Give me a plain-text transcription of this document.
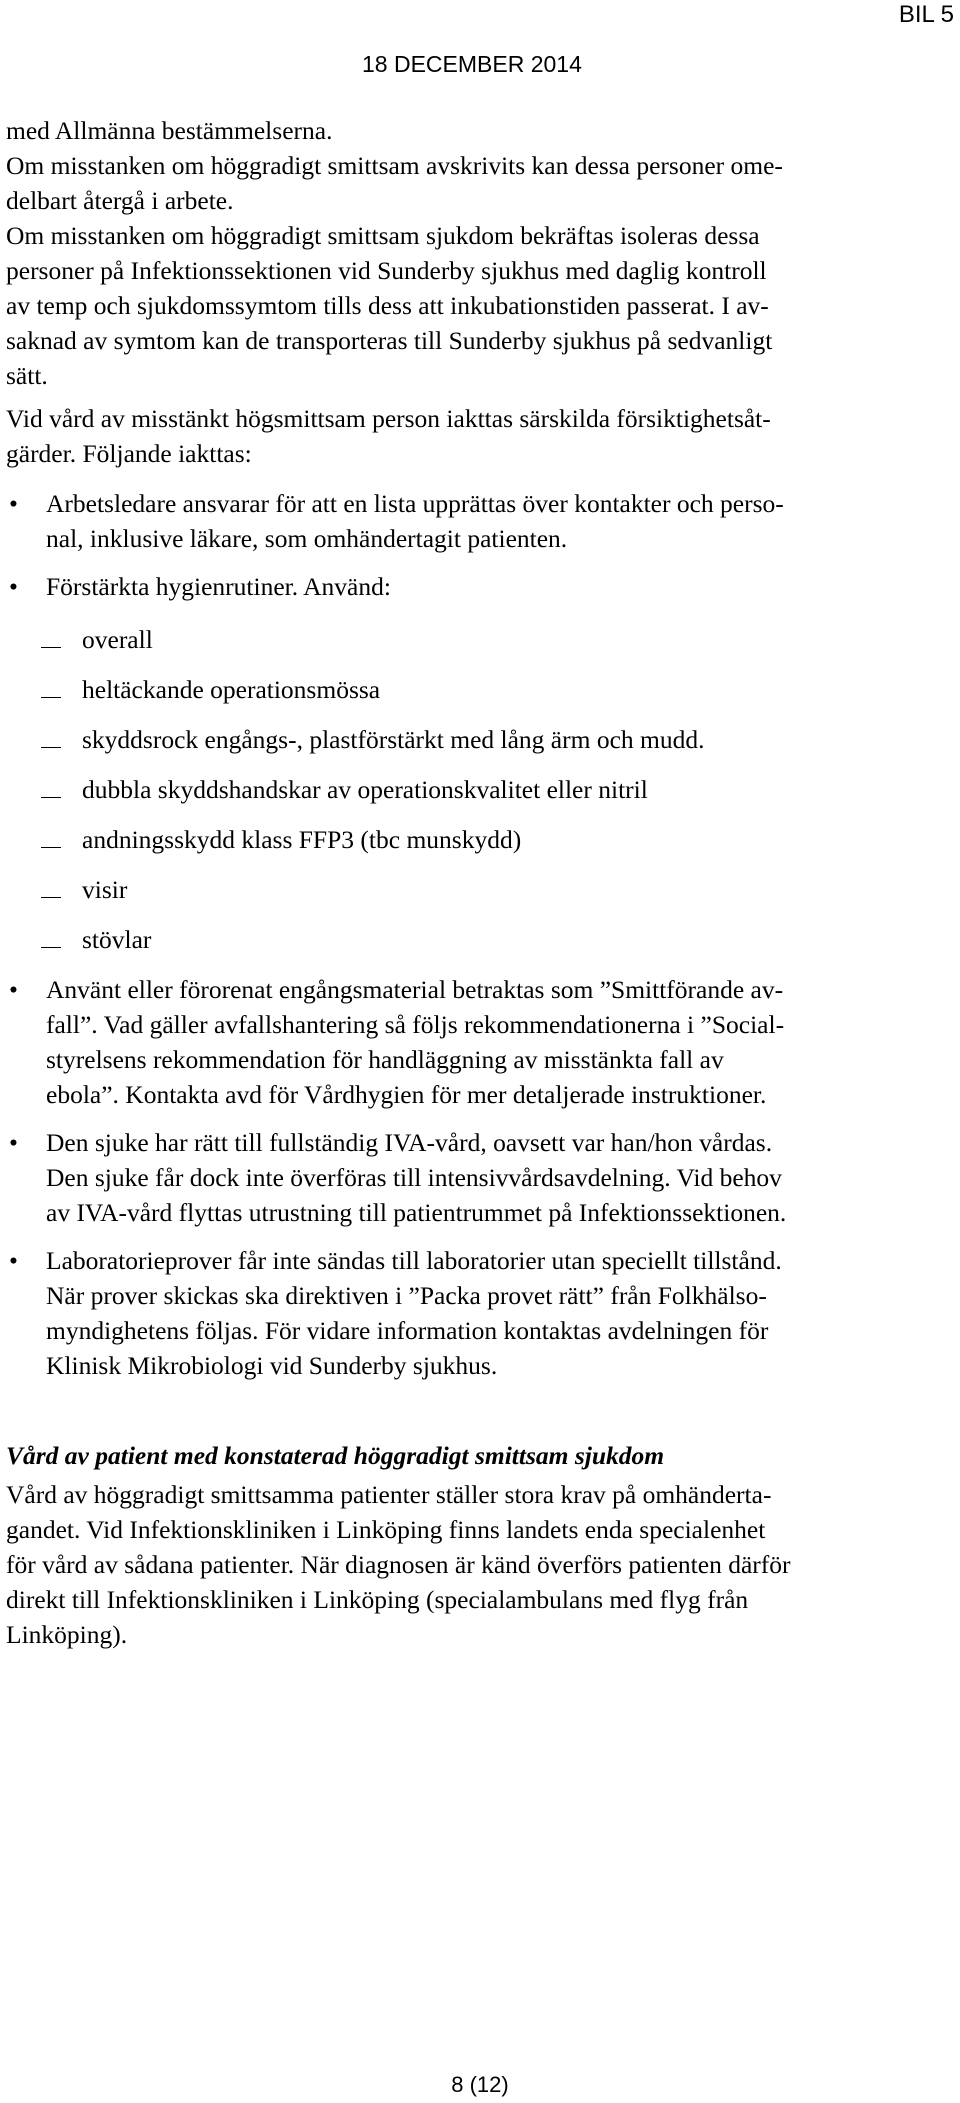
BIL 5
18 DECEMBER 2014
med Allmänna bestämmelserna.
Om misstanken om höggradigt smittsam avskrivits kan dessa personer ome-
delbart återgå i arbete.
Om misstanken om höggradigt smittsam sjukdom bekräftas isoleras dessa
personer på Infektionssektionen vid Sunderby sjukhus med daglig kontroll
av temp och sjukdomssymtom tills dess att inkubationstiden passerat. I av-
saknad av symtom kan de transporteras till Sunderby sjukhus på sedvanligt
sätt.
Vid vård av misstänkt högsmittsam person iakttas särskilda försiktighetsåt-
gärder. Följande iakttas:
• Arbetsledare ansvarar för att en lista upprättas över kontakter och perso-
nal, inklusive läkare, som omhändertagit patienten.
• Förstärkta hygienrutiner. Använd:
overall
heltäckande operationsmössa
skyddsrock engångs-, plastförstärkt med lång ärm och mudd.
dubbla skyddshandskar av operationskvalitet eller nitril
andningsskydd klass FFP3 (tbc munskydd)
visir
stövlar
• Använt eller förorenat engångsmaterial betraktas som ”Smittförande av-
fall”. Vad gäller avfallshantering så följs rekommendationerna i ”Social-
styrelsens rekommendation för handläggning av misstänkta fall av
ebola”. Kontakta avd för Vårdhygien för mer detaljerade instruktioner.
• Den sjuke har rätt till fullständig IVA-vård, oavsett var han/hon vårdas.
Den sjuke får dock inte överföras till intensivvårdsavdelning. Vid behov
av IVA-vård flyttas utrustning till patientrummet på Infektionssektionen.
• Laboratorieprover får inte sändas till laboratorier utan speciellt tillstånd.
När prover skickas ska direktiven i ”Packa provet rätt” från Folkhälso-
myndighetens följas. För vidare information kontaktas avdelningen för
Klinisk Mikrobiologi vid Sunderby sjukhus.
Vård av patient med konstaterad höggradigt smittsam sjukdom
Vård av höggradigt smittsamma patienter ställer stora krav på omhänderta-
gandet. Vid Infektionskliniken i Linköping finns landets enda specialenhet
för vård av sådana patienter. När diagnosen är känd överförs patienten därför
direkt till Infektionskliniken i Linköping (specialambulans med flyg från
Linköping).
8 (12)
